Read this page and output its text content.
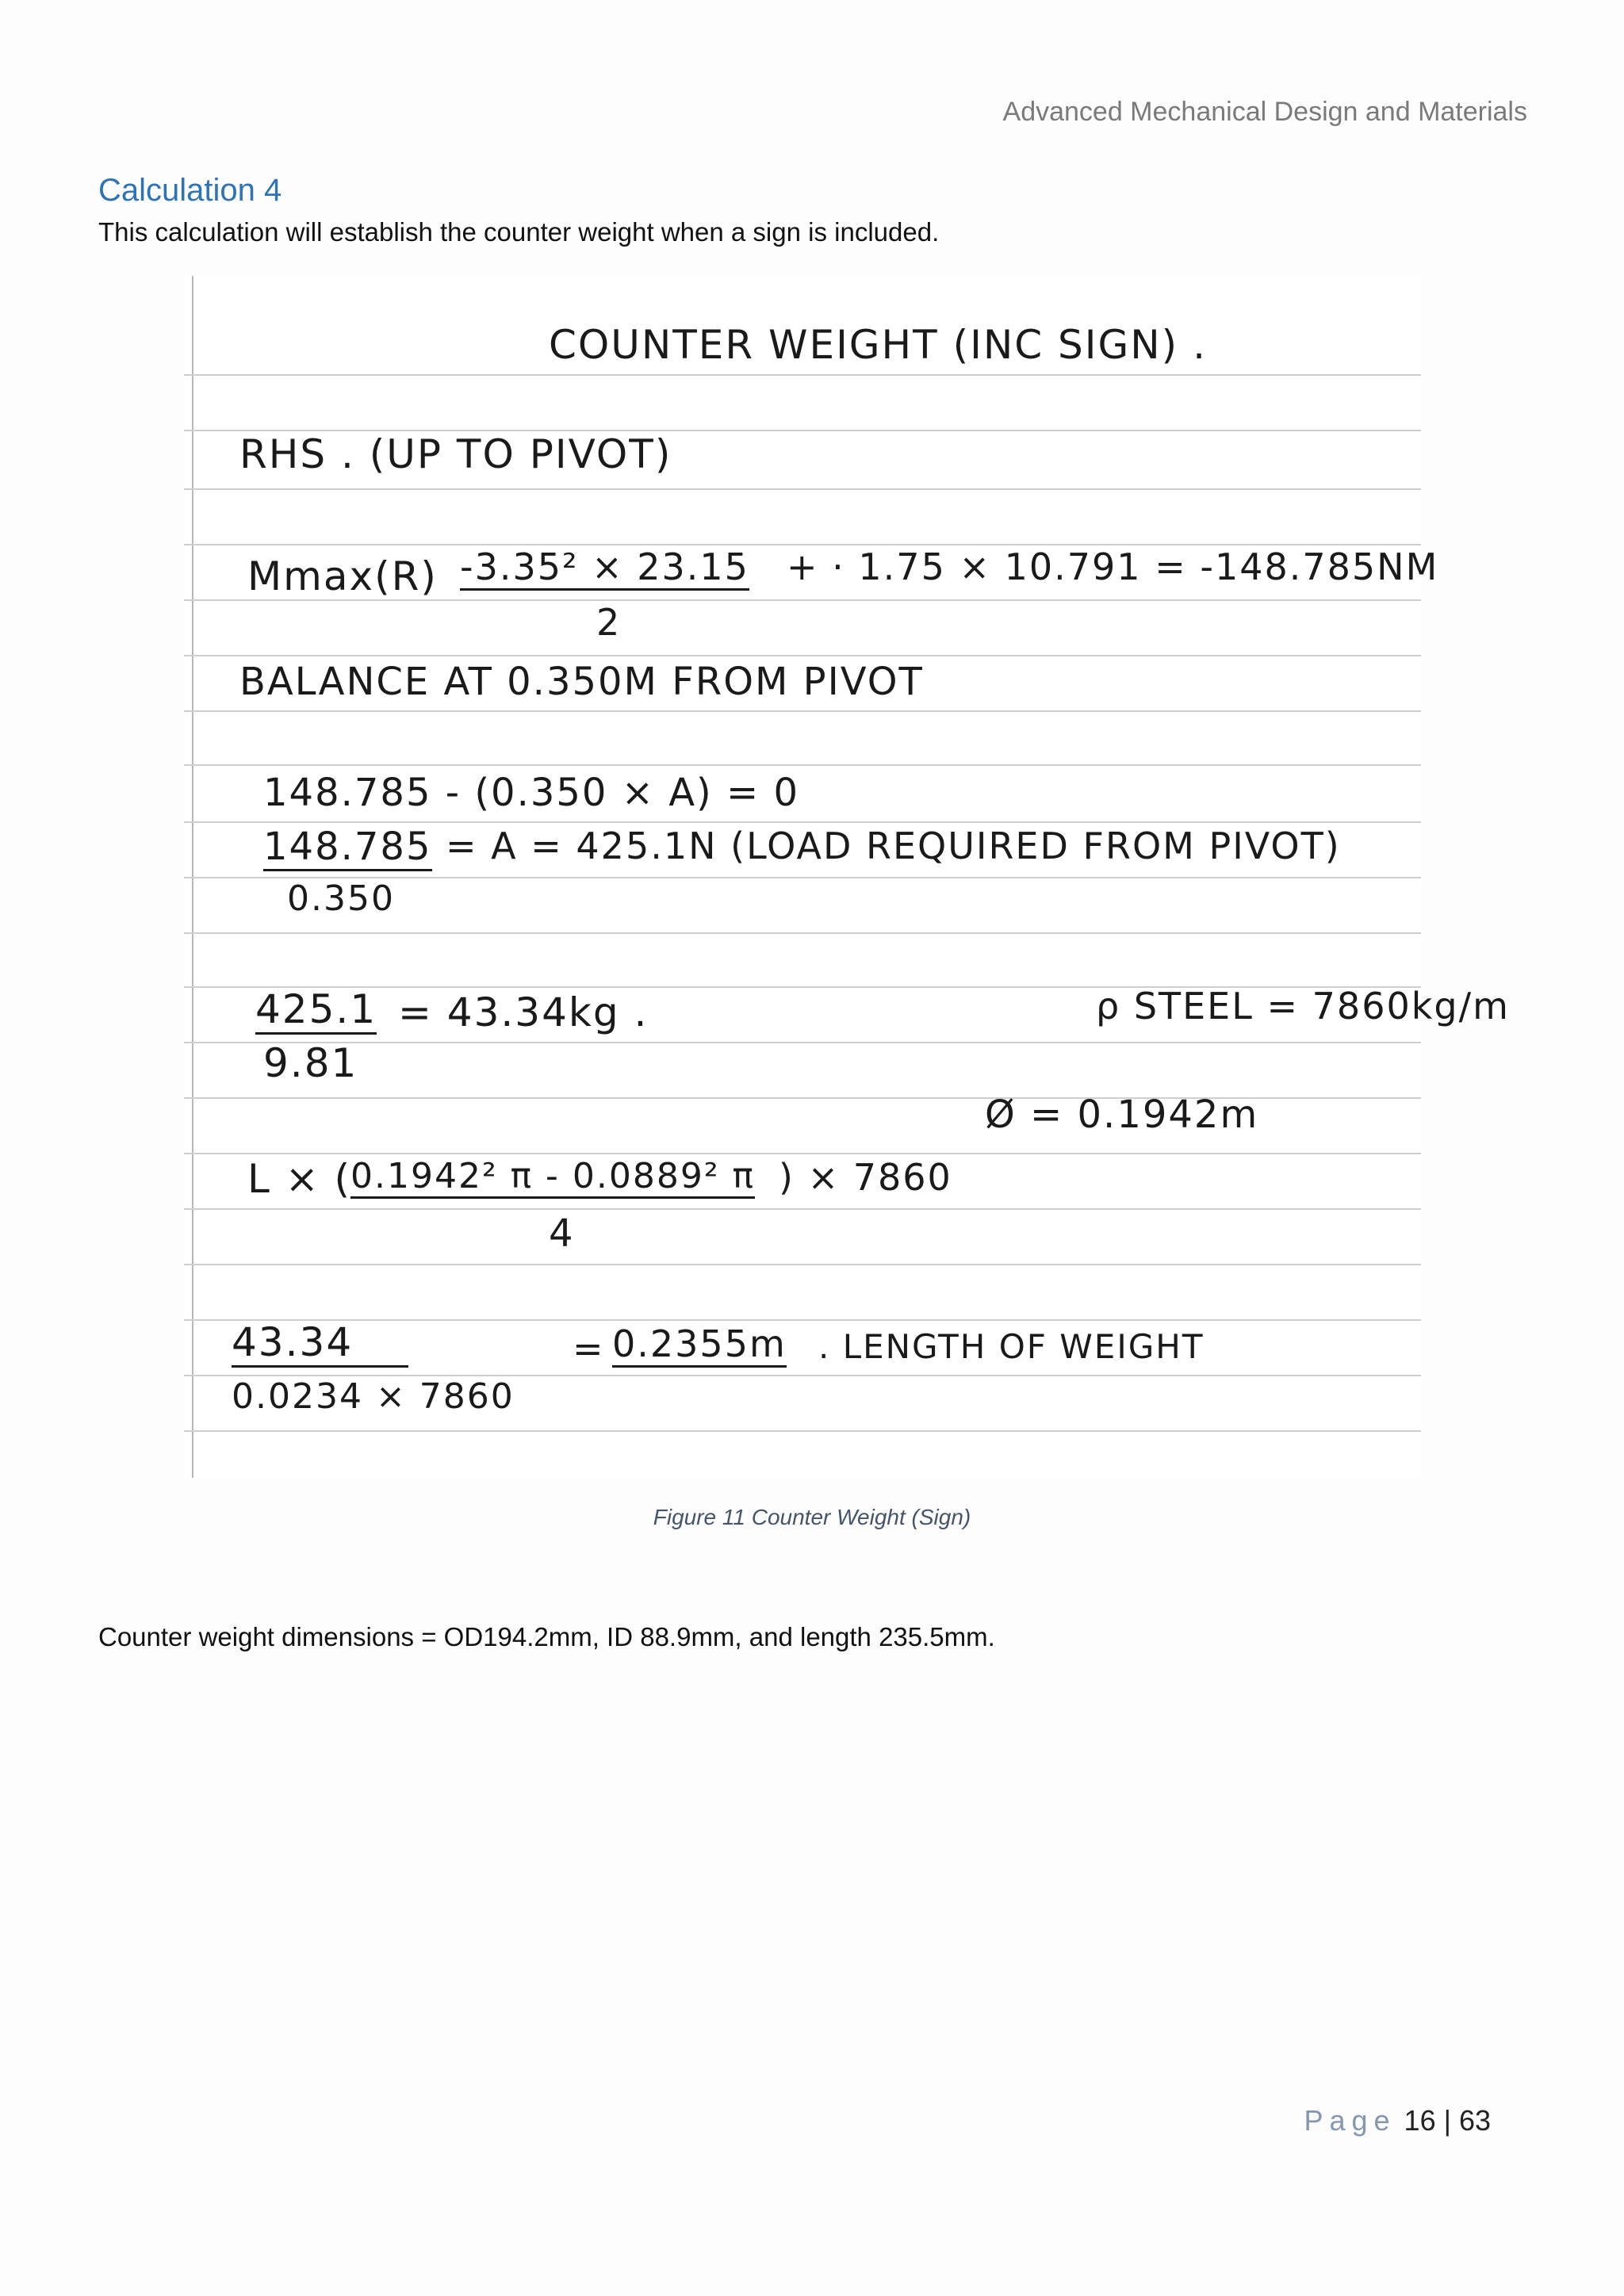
Advanced Mechanical Design and Materials
Calculation 4
This calculation will establish the counter weight when a sign is included.
COUNTER WEIGHT (INC SIGN) .
RHS . (UP TO PIVOT)
Mmax(R) -3.35² × 23.15
2
+ · 1.75 × 10.791 = -148.785NM
BALANCE AT 0.350M FROM PIVOT
148.785 - (0.350 × A) = 0
148.785
0.350
= A = 425.1N (LOAD REQUIRED FROM PIVOT)
425.1
9.81
= 43.34kg .	ρ STEEL = 7860kg/m
Ø = 0.1942m
L × (
0.1942² π - 0.0889² π
4
) × 7860
43.34
0.0234 × 7860
= 0.2355m . LENGTH OF WEIGHT
Figure 11 Counter Weight (Sign)
Counter weight dimensions = OD194.2mm, ID 88.9mm, and length 235.5mm.
Page 16 | 63
